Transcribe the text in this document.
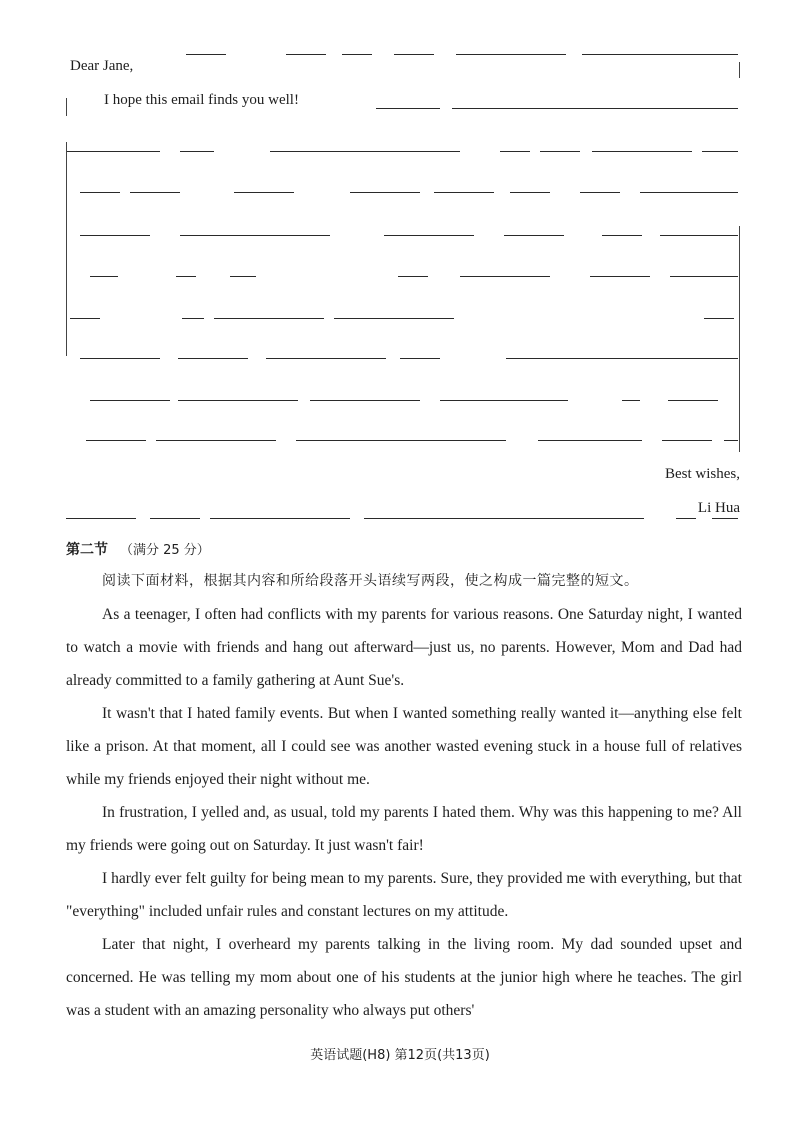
Dear Jane,
I hope this email finds you well!
Best wishes,
Li Hua
第二节 （满分 25 分）
阅读下面材料，根据其内容和所给段落开头语续写两段，使之构成一篇完整的短文。

As a teenager, I often had conflicts with my parents for various reasons. One Saturday night, I wanted to watch a movie with friends and hang out afterward—just us, no parents. However, Mom and Dad had already committed to a family gathering at Aunt Sue's.

It wasn't that I hated family events. But when I wanted something really wanted it—anything else felt like a prison. At that moment, all I could see was another wasted evening stuck in a house full of relatives while my friends enjoyed their night without me.

In frustration, I yelled and, as usual, told my parents I hated them. Why was this happening to me? All my friends were going out on Saturday. It just wasn't fair!

I hardly ever felt guilty for being mean to my parents. Sure, they provided me with everything, but that "everything" included unfair rules and constant lectures on my attitude.

Later that night, I overheard my parents talking in the living room. My dad sounded upset and concerned. He was telling my mom about one of his students at the junior high where he teaches. The girl was a student with an amazing personality who always put others'

英语试题(H8) 第12页(共13页)
